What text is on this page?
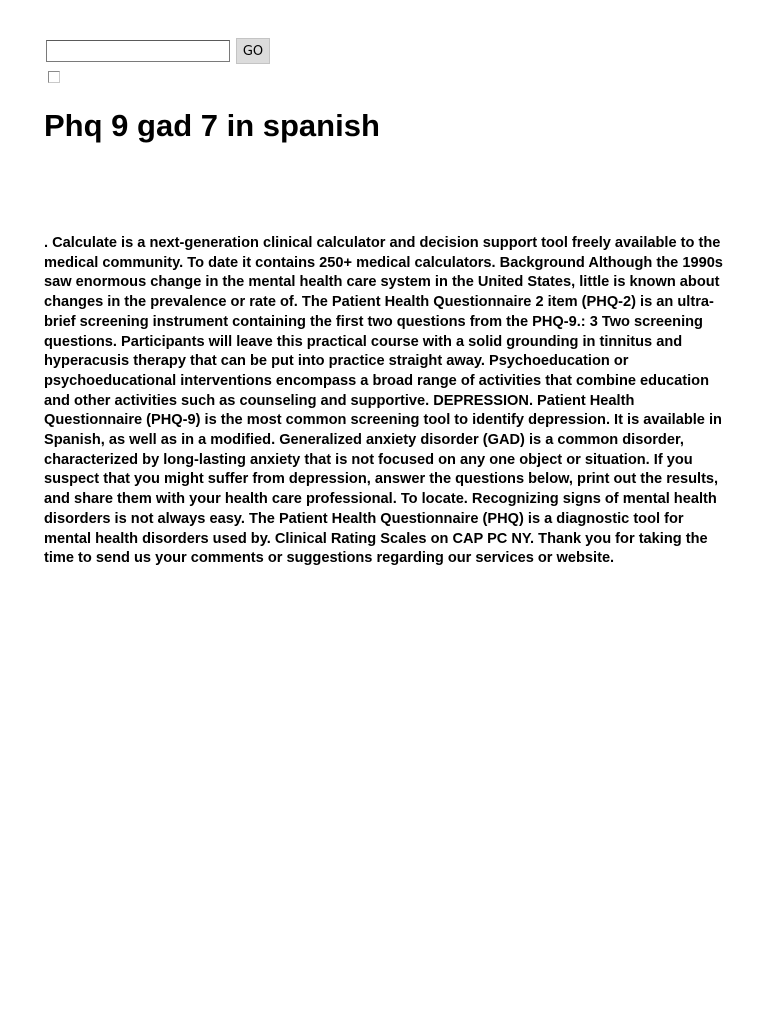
GO
Phq 9 gad 7 in spanish

. Calculate is a next-generation clinical calculator and decision support tool freely available to the medical community. To date it contains 250+ medical calculators. Background Although the 1990s saw enormous change in the mental health care system in the United States, little is known about changes in the prevalence or rate of. The Patient Health Questionnaire 2 item (PHQ-2) is an ultra-brief screening instrument containing the first two questions from the PHQ-9.: 3 Two screening questions. Participants will leave this practical course with a solid grounding in tinnitus and hyperacusis therapy that can be put into practice straight away. Psychoeducation or psychoeducational interventions encompass a broad range of activities that combine education and other activities such as counseling and supportive. DEPRESSION. Patient Health Questionnaire (PHQ-9) is the most common screening tool to identify depression. It is available in Spanish, as well as in a modified. Generalized anxiety disorder (GAD) is a common disorder, characterized by long-lasting anxiety that is not focused on any one object or situation. If you suspect that you might suffer from depression, answer the questions below, print out the results, and share them with your health care professional. To locate. Recognizing signs of mental health disorders is not always easy. The Patient Health Questionnaire (PHQ) is a diagnostic tool for mental health disorders used by. Clinical Rating Scales on CAP PC NY. Thank you for taking the time to send us your comments or suggestions regarding our services or website.
